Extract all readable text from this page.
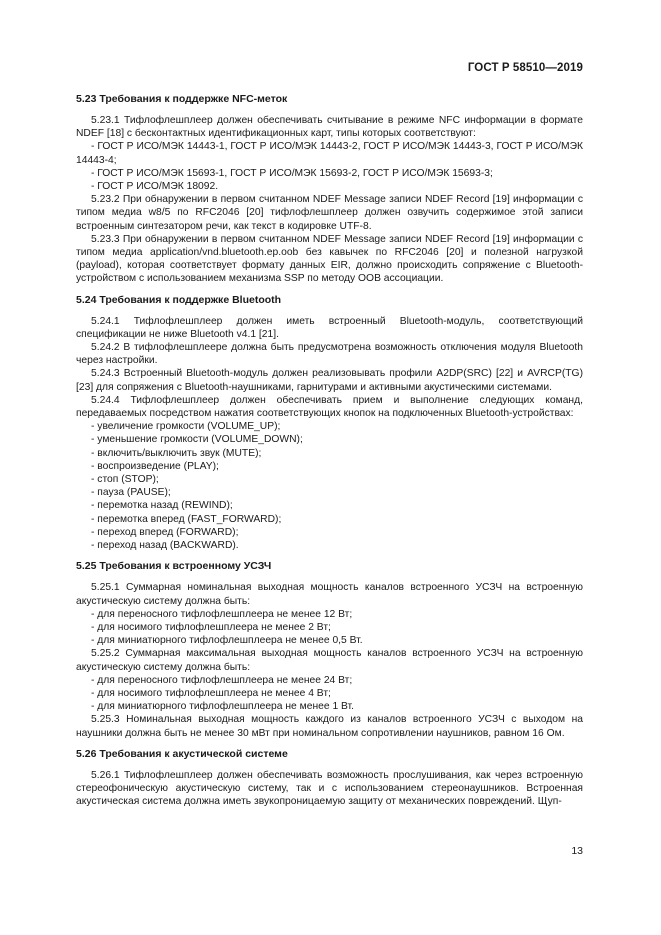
ГОСТ Р 58510—2019
5.23 Требования к поддержке NFC-меток

5.23.1 Тифлофлешплеер должен обеспечивать считывание в режиме NFC информации в формате NDEF [18] с бесконтактных идентификационных карт, типы которых соответствуют:

- ГОСТ Р ИСО/МЭК 14443-1, ГОСТ Р ИСО/МЭК 14443-2, ГОСТ Р ИСО/МЭК 14443-3, ГОСТ Р ИСО/МЭК 14443-4;

- ГОСТ Р ИСО/МЭК 15693-1, ГОСТ Р ИСО/МЭК 15693-2, ГОСТ Р ИСО/МЭК 15693-3;

- ГОСТ Р ИСО/МЭК 18092.

5.23.2 При обнаружении в первом считанном NDEF Message записи NDEF Record [19] информации с типом медиа w8/5 по RFC2046 [20] тифлофлешплеер должен озвучить содержимое этой записи встроенным синтезатором речи, как текст в кодировке UTF-8.

5.23.3 При обнаружении в первом считанном NDEF Message записи NDEF Record [19] информации с типом медиа application/vnd.bluetooth.ep.oob без кавычек по RFC2046 [20] и полезной нагрузкой (payload), которая соответствует формату данных EIR, должно происходить сопряжение с Bluetooth-устройством с использованием механизма SSP по методу ООВ ассоциации.

5.24 Требования к поддержке Bluetooth

5.24.1 Тифлофлешплеер должен иметь встроенный Bluetooth-модуль, соответствующий спецификации не ниже Bluetooth v4.1 [21].

5.24.2 В тифлофлешплеере должна быть предусмотрена возможность отключения модуля Bluetooth через настройки.

5.24.3 Встроенный Bluetooth-модуль должен реализовывать профили A2DP(SRC) [22] и AVRCP(TG) [23] для сопряжения с Bluetooth-наушниками, гарнитурами и активными акустическими системами.

5.24.4 Тифлофлешплеер должен обеспечивать прием и выполнение следующих команд, передаваемых посредством нажатия соответствующих кнопок на подключенных Bluetooth-устройствах:

- увеличение громкости (VOLUME_UP);

- уменьшение громкости (VOLUME_DOWN);

- включить/выключить звук (MUTE);

- воспроизведение (PLAY);

- стоп (STOP);

- пауза (PAUSE);

- перемотка назад (REWIND);

- перемотка вперед (FAST_FORWARD);

- переход вперед (FORWARD);

- переход назад (BACKWARD).

5.25 Требования к встроенному УСЗЧ

5.25.1 Суммарная номинальная выходная мощность каналов встроенного УСЗЧ на встроенную акустическую систему должна быть:

- для переносного тифлофлешплеера не менее 12 Вт;

- для носимого тифлофлешплеера не менее 2 Вт;

- для миниатюрного тифлофлешплеера не менее 0,5 Вт.

5.25.2 Суммарная максимальная выходная мощность каналов встроенного УСЗЧ на встроенную акустическую систему должна быть:

- для переносного тифлофлешплеера не менее 24 Вт;

- для носимого тифлофлешплеера не менее 4 Вт;

- для миниатюрного тифлофлешплеера не менее 1 Вт.

5.25.3 Номинальная выходная мощность каждого из каналов встроенного УСЗЧ с выходом на наушники должна быть не менее 30 мВт при номинальном сопротивлении наушников, равном 16 Ом.

5.26 Требования к акустической системе

5.26.1 Тифлофлешплеер должен обеспечивать возможность прослушивания, как через встроенную стереофоническую акустическую систему, так и с использованием стереонаушников. Встроенная акустическая система должна иметь звукопроницаемую защиту от механических повреждений. Щуп-

13
